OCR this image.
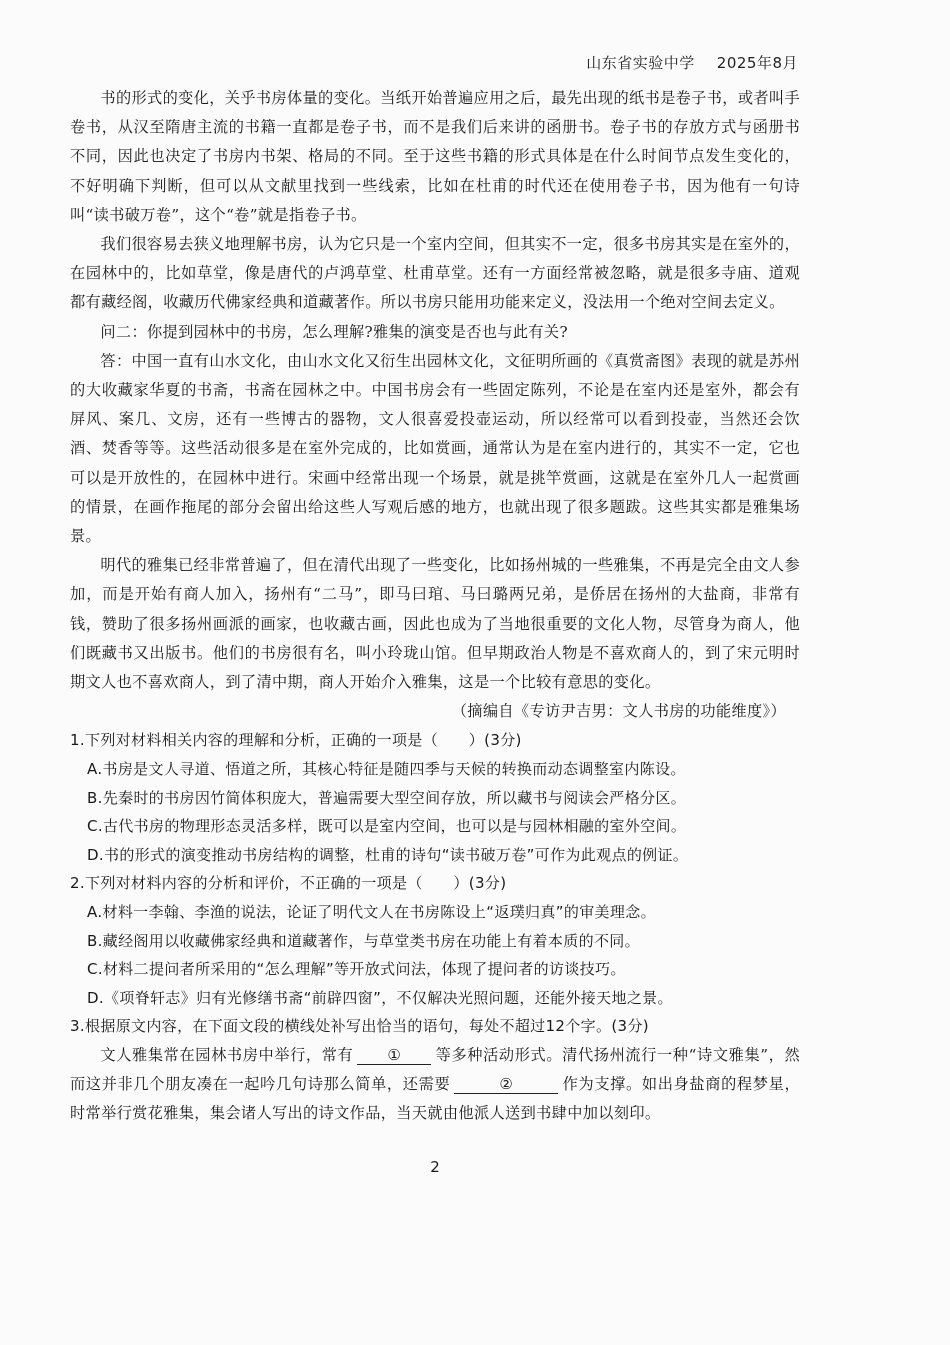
山东省实验中学 2025年8月

书的形式的变化，关乎书房体量的变化。当纸开始普遍应用之后，最先出现的纸书是卷子书，或者叫手卷书，从汉至隋唐主流的书籍一直都是卷子书，而不是我们后来讲的函册书。卷子书的存放方式与函册书不同，因此也决定了书房内书架、格局的不同。至于这些书籍的形式具体是在什么时间节点发生变化的，不好明确下判断，但可以从文献里找到一些线索，比如在杜甫的时代还在使用卷子书，因为他有一句诗叫“读书破万卷”，这个“卷”就是指卷子书。

我们很容易去狭义地理解书房，认为它只是一个室内空间，但其实不一定，很多书房其实是在室外的，在园林中的，比如草堂，像是唐代的卢鸿草堂、杜甫草堂。还有一方面经常被忽略，就是很多寺庙、道观都有藏经阁，收藏历代佛家经典和道藏著作。所以书房只能用功能来定义，没法用一个绝对空间去定义。

问二：你提到园林中的书房，怎么理解?雅集的演变是否也与此有关?

答：中国一直有山水文化，由山水文化又衍生出园林文化，文征明所画的《真赏斋图》表现的就是苏州的大收藏家华夏的书斋，书斋在园林之中。中国书房会有一些固定陈列，不论是在室内还是室外，都会有屏风、案几、文房，还有一些博古的器物，文人很喜爱投壶运动，所以经常可以看到投壶，当然还会饮酒、焚香等等。这些活动很多是在室外完成的，比如赏画，通常认为是在室内进行的，其实不一定，它也可以是开放性的，在园林中进行。宋画中经常出现一个场景，就是挑竿赏画，这就是在室外几人一起赏画的情景，在画作拖尾的部分会留出给这些人写观后感的地方，也就出现了很多题跋。这些其实都是雅集场景。

明代的雅集已经非常普遍了，但在清代出现了一些变化，比如扬州城的一些雅集，不再是完全由文人参加，而是开始有商人加入，扬州有“二马”，即马曰琯、马曰璐两兄弟，是侨居在扬州的大盐商，非常有钱，赞助了很多扬州画派的画家，也收藏古画，因此也成为了当地很重要的文化人物，尽管身为商人，他们既藏书又出版书。他们的书房很有名，叫小玲珑山馆。但早期政治人物是不喜欢商人的，到了宋元明时期文人也不喜欢商人，到了清中期，商人开始介入雅集，这是一个比较有意思的变化。

（摘编自《专访尹吉男：文人书房的功能维度》）

1.下列对材料相关内容的理解和分析，正确的一项是（　　）(3分)

A.书房是文人寻道、悟道之所，其核心特征是随四季与天候的转换而动态调整室内陈设。

B.先秦时的书房因竹简体积庞大，普遍需要大型空间存放，所以藏书与阅读会严格分区。

C.古代书房的物理形态灵活多样，既可以是室内空间，也可以是与园林相融的室外空间。

D.书的形式的演变推动书房结构的调整，杜甫的诗句“读书破万卷”可作为此观点的例证。

2.下列对材料内容的分析和评价，不正确的一项是（　　）(3分)

A.材料一李翰、李渔的说法，论证了明代文人在书房陈设上“返璞归真”的审美理念。

B.藏经阁用以收藏佛家经典和道藏著作，与草堂类书房在功能上有着本质的不同。

C.材料二提问者所采用的“怎么理解”等开放式问法，体现了提问者的访谈技巧。

D.《项脊轩志》归有光修缮书斋“前辟四窗”，不仅解决光照问题，还能外接天地之景。

3.根据原文内容，在下面文段的横线处补写出恰当的语句，每处不超过12个字。(3分)

文人雅集常在园林书房中举行，常有 ① 等多种活动形式。清代扬州流行一种“诗文雅集”，然而这并非几个朋友凑在一起吟几句诗那么简单，还需要	②	作为支撑。如出身盐商的程梦星，时常举行赏花雅集，集会诸人写出的诗文作品，当天就由他派人送到书肆中加以刻印。

2
